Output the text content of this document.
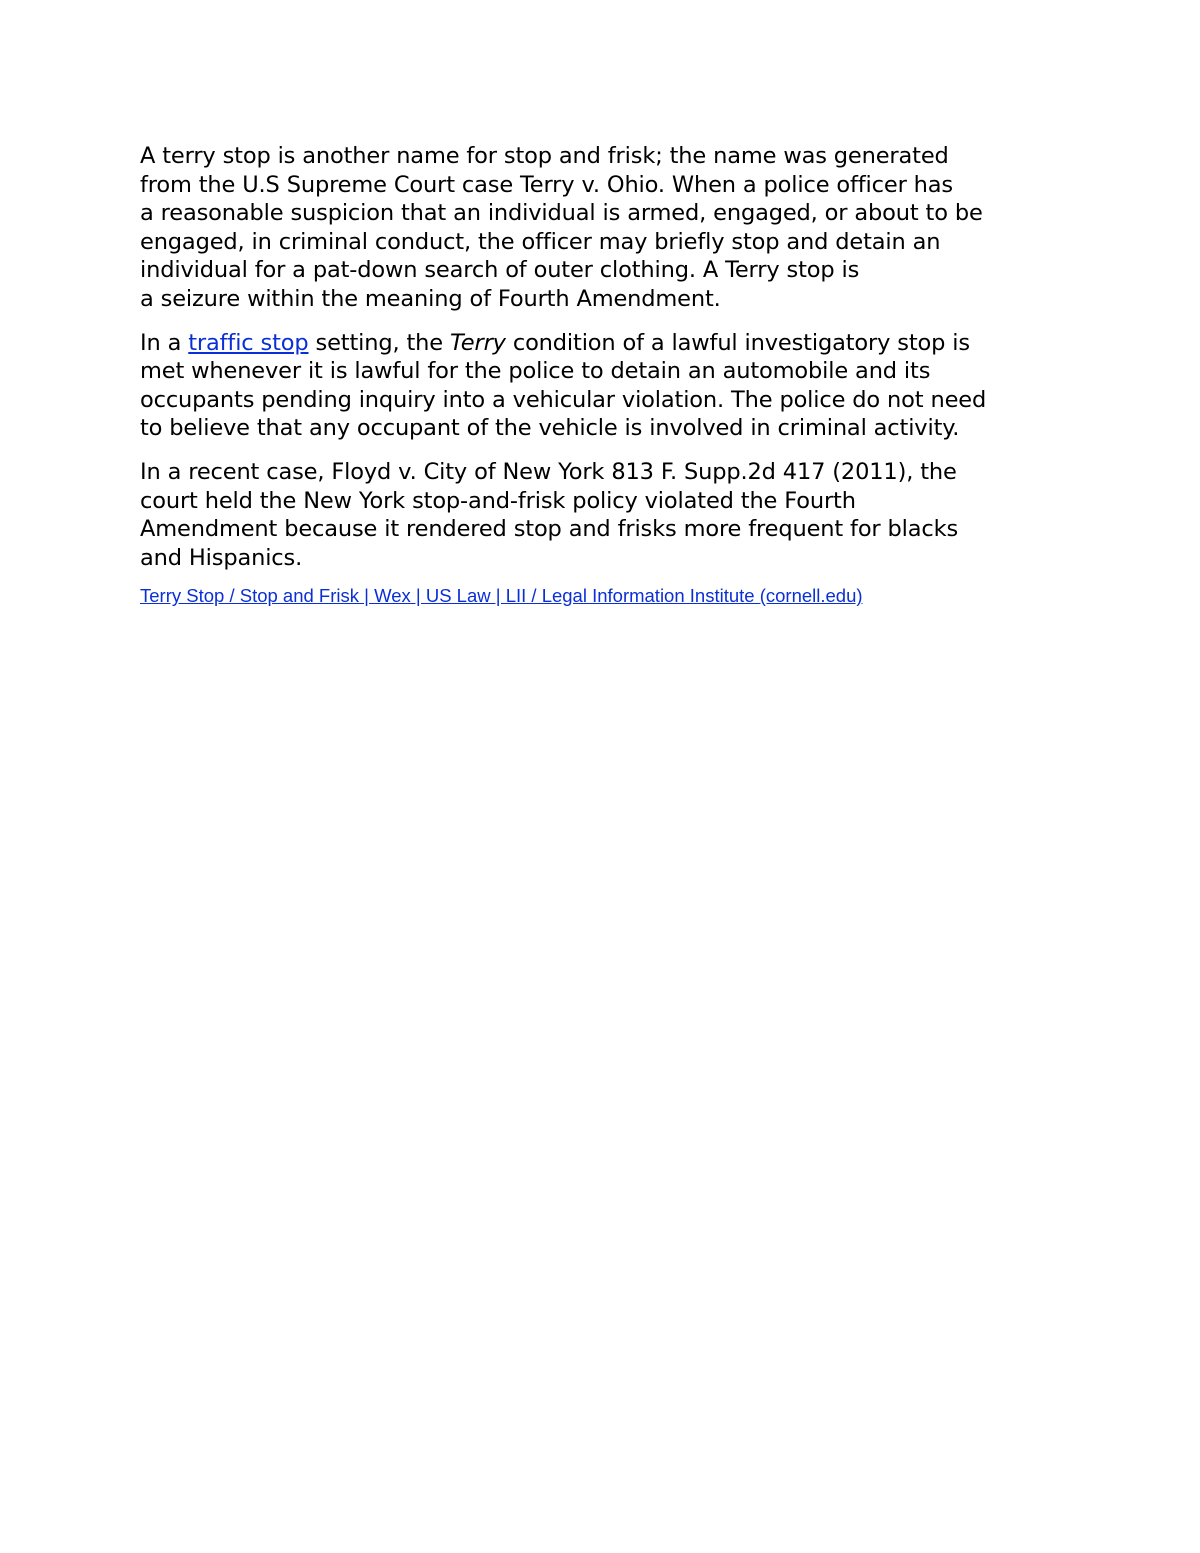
A terry stop is another name for stop and frisk; the name was generated
from the U.S Supreme Court case Terry v. Ohio. When a police officer has
a reasonable suspicion that an individual is armed, engaged, or about to be
engaged, in criminal conduct, the officer may briefly stop and detain an
individual for a pat-down search of outer clothing. A Terry stop is
a seizure within the meaning of Fourth Amendment.

In a traffic stop setting, the Terry condition of a lawful investigatory stop is
met whenever it is lawful for the police to detain an automobile and its
occupants pending inquiry into a vehicular violation. The police do not need
to believe that any occupant of the vehicle is involved in criminal activity.

In a recent case, Floyd v. City of New York 813 F. Supp.2d 417 (2011), the
court held the New York stop-and-frisk policy violated the Fourth
Amendment because it rendered stop and frisks more frequent for blacks
and Hispanics.

Terry Stop / Stop and Frisk | Wex | US Law | LII / Legal Information Institute (cornell.edu)
